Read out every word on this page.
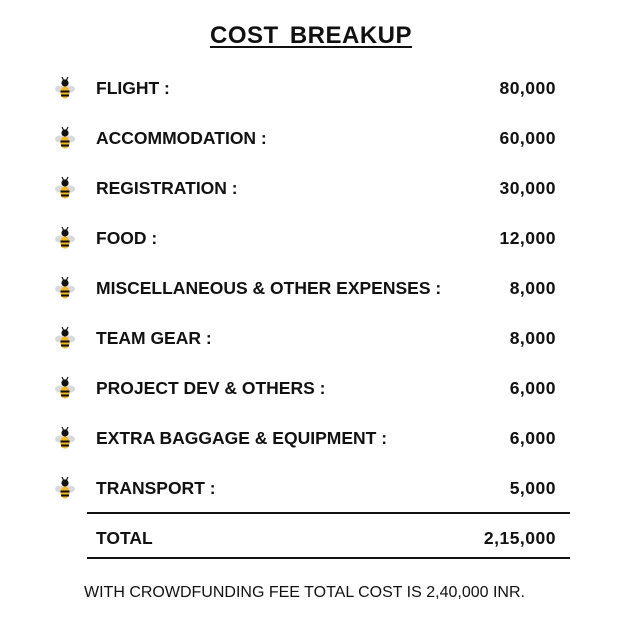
COST BREAKUP
FLIGHT :	80,000
ACCOMMODATION :	60,000
REGISTRATION :	30,000
FOOD :	12,000
MISCELLANEOUS & OTHER EXPENSES :	8,000
TEAM GEAR :	8,000
PROJECT DEV & OTHERS :	6,000
EXTRA BAGGAGE & EQUIPMENT :	6,000
TRANSPORT :	5,000
TOTAL	2,15,000
WITH CROWDFUNDING FEE TOTAL COST IS 2,40,000 INR.
